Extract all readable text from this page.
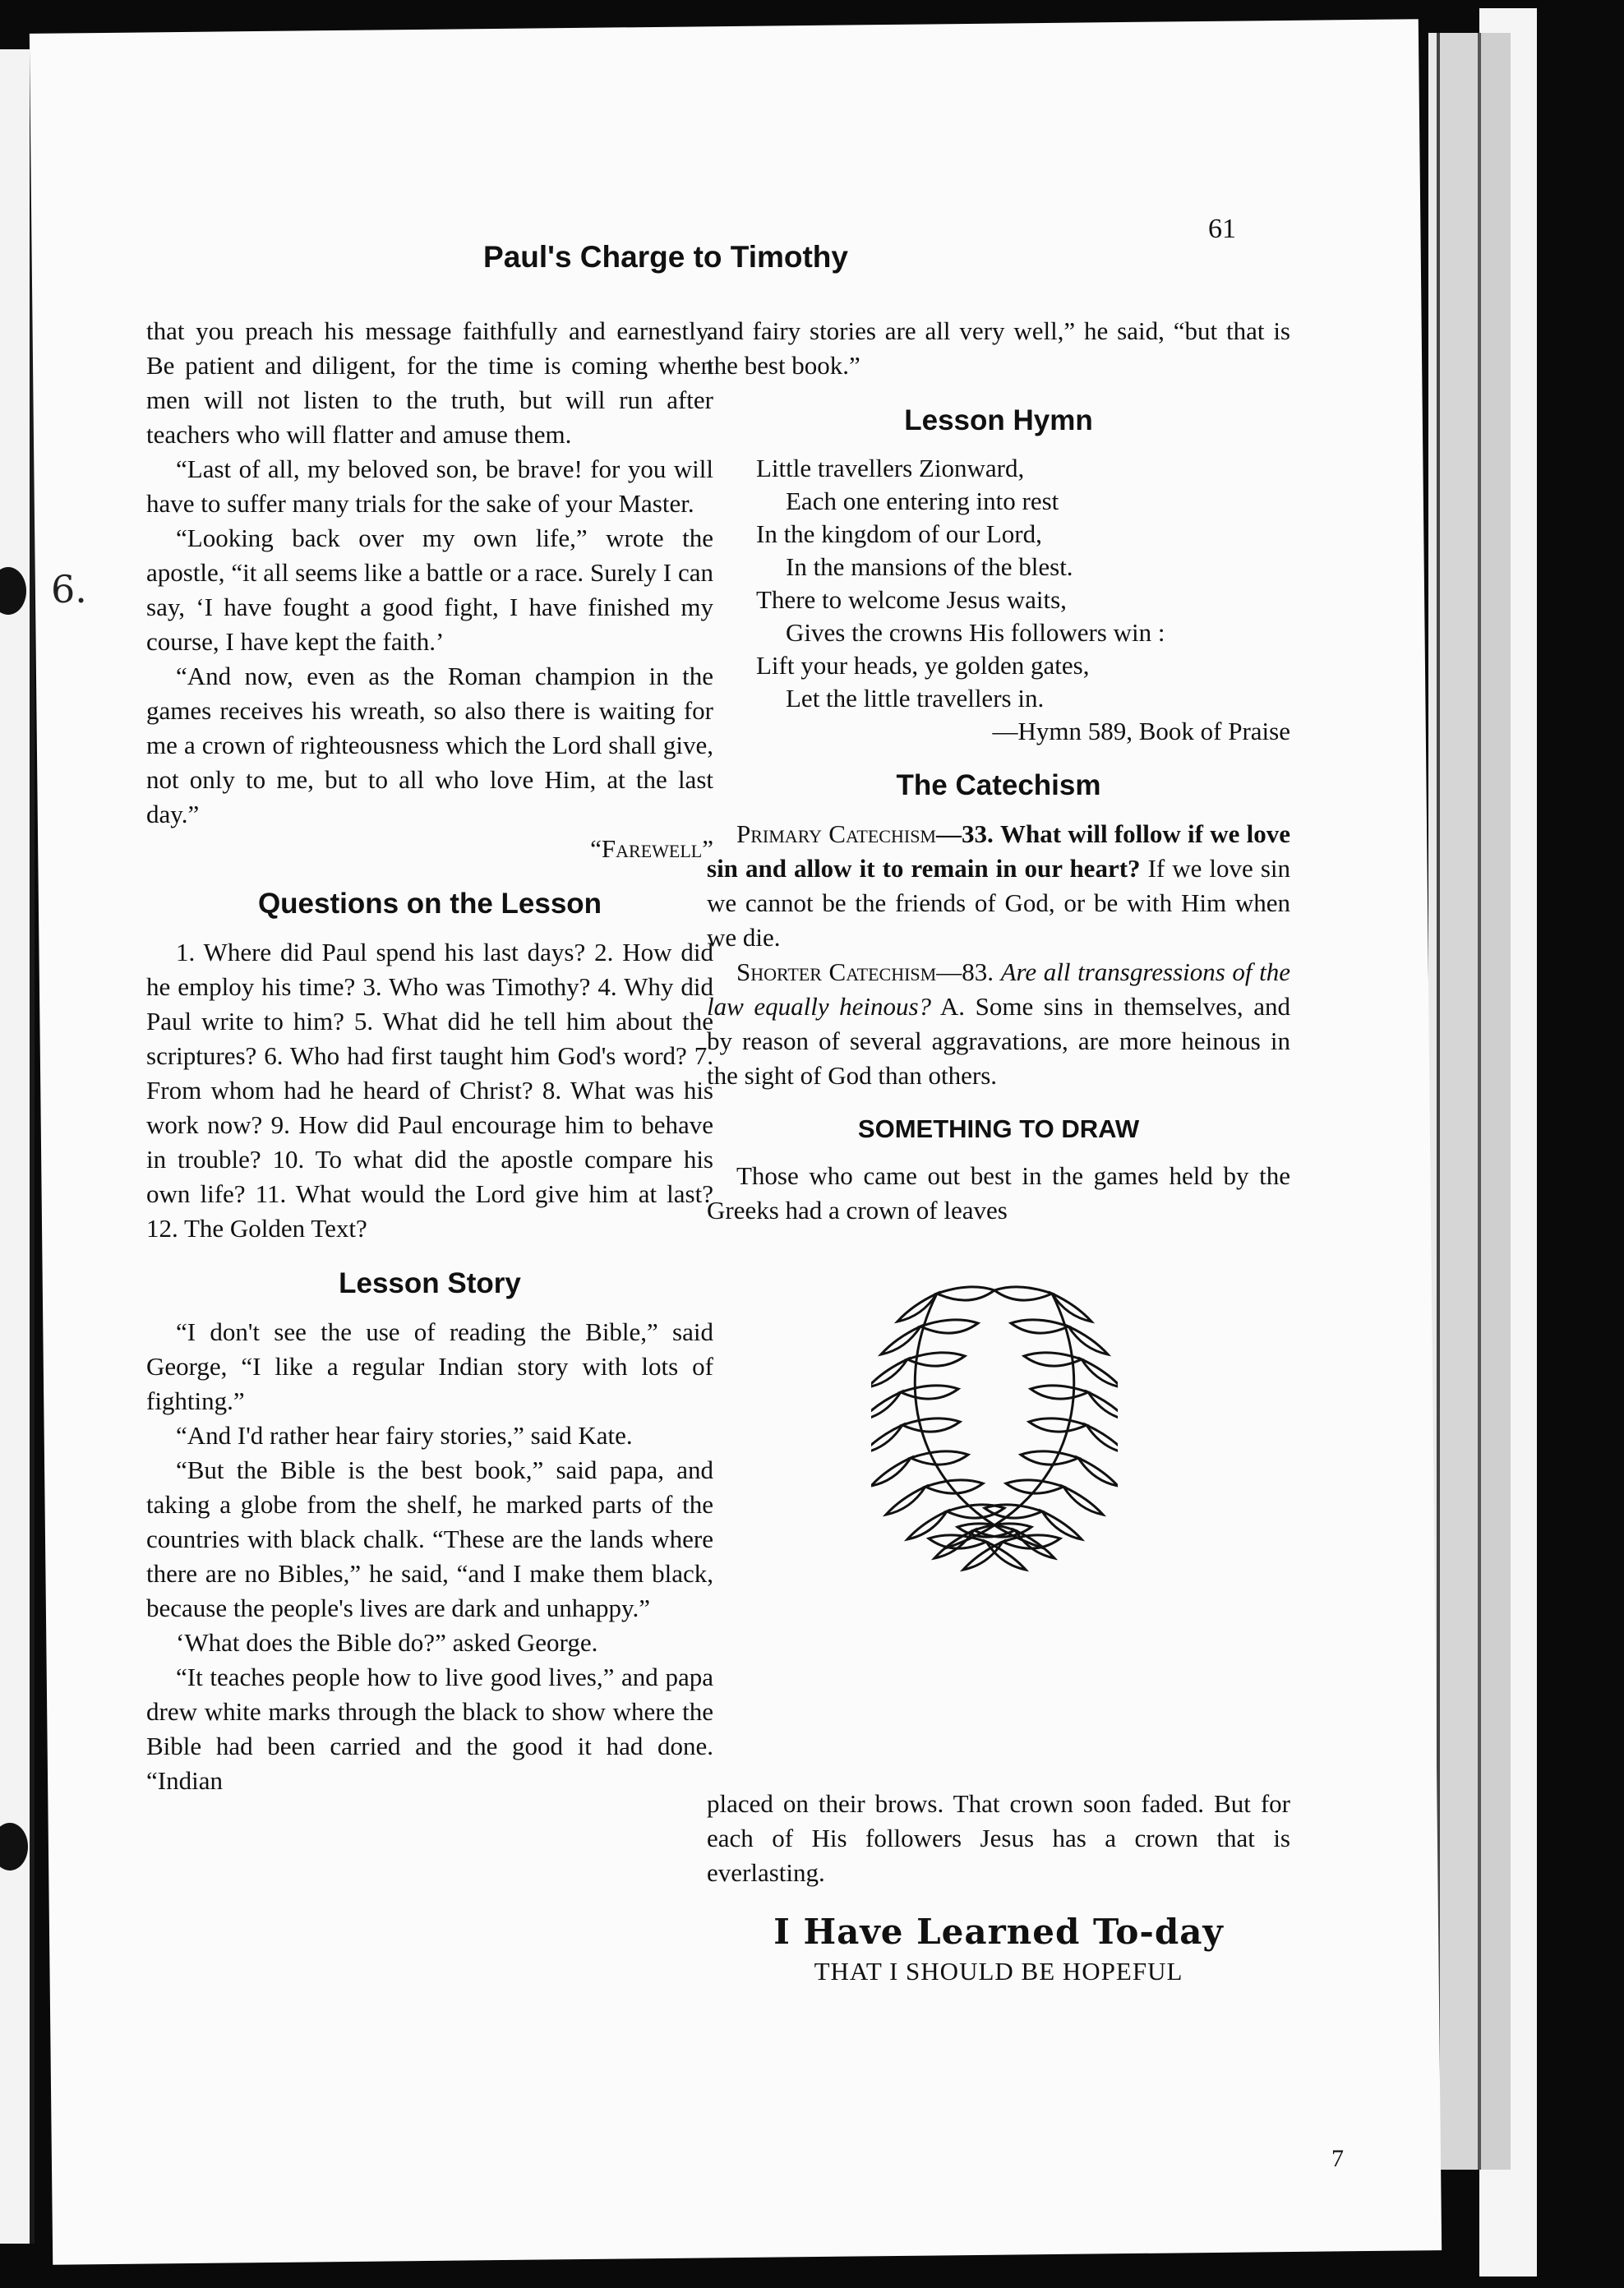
6.
61
Paul's Charge to Timothy

that you preach his message faithfully and earnestly. Be patient and diligent, for the time is coming when men will not listen to the truth, but will run after teachers who will flatter and amuse them.

“Last of all, my beloved son, be brave! for you will have to suffer many trials for the sake of your Master.

“Looking back over my own life,” wrote the apostle, “it all seems like a battle or a race. Surely I can say, ‘I have fought a good fight, I have finished my course, I have kept the faith.’

“And now, even as the Roman champion in the games receives his wreath, so also there is waiting for me a crown of righteousness which the Lord shall give, not only to me, but to all who love Him, at the last day.”

“Farewell”

Questions on the Lesson

1. Where did Paul spend his last days? 2. How did he employ his time? 3. Who was Timothy? 4. Why did Paul write to him? 5. What did he tell him about the scriptures? 6. Who had first taught him God's word? 7. From whom had he heard of Christ? 8. What was his work now? 9. How did Paul encourage him to behave in trouble? 10. To what did the apostle compare his own life? 11. What would the Lord give him at last? 12. The Golden Text?

Lesson Story

“I don't see the use of reading the Bible,” said George, “I like a regular Indian story with lots of fighting.”

“And I'd rather hear fairy stories,” said Kate.

“But the Bible is the best book,” said papa, and taking a globe from the shelf, he marked parts of the countries with black chalk. “These are the lands where there are no Bibles,” he said, “and I make them black, because the people's lives are dark and unhappy.”

‘What does the Bible do?” asked George.

“It teaches people how to live good lives,” and papa drew white marks through the black to show where the Bible had been carried and the good it had done. “Indian

and fairy stories are all very well,” he said, “but that is the best book.”

Lesson Hymn

Little travellers Zionward,

Each one entering into rest

In the kingdom of our Lord,

In the mansions of the blest.

There to welcome Jesus waits,

Gives the crowns His followers win :

Lift your heads, ye golden gates,

Let the little travellers in.

—Hymn 589, Book of Praise

The Catechism

Primary Catechism—33. What will follow if we love sin and allow it to remain in our heart? If we love sin we cannot be the friends of God, or be with Him when we die.

Shorter Catechism—83. Are all transgressions of the law equally heinous? A. Some sins in themselves, and by reason of several aggravations, are more heinous in the sight of God than others.

SOMETHING TO DRAW

Those who came out best in the games held by the Greeks had a crown of leaves

placed on their brows. That crown soon faded. But for each of His followers Jesus has a crown that is everlasting.

I Have Learned To-day

THAT I SHOULD BE HOPEFUL

7
